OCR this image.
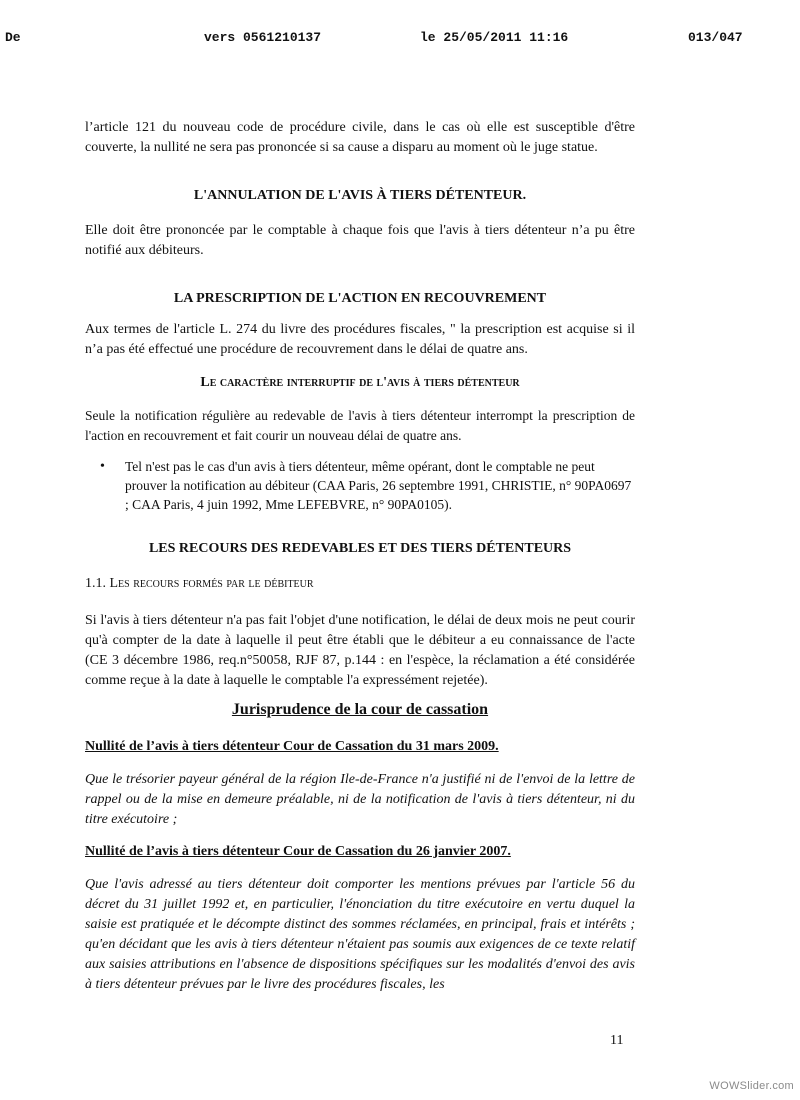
De	vers 0561210137	le 25/05/2011 11:16	013/047

l’article 121 du nouveau code de procédure civile, dans le cas où elle est susceptible d'être couverte, la nullité ne sera pas prononcée si sa cause a disparu au moment où le juge statue.

L'ANNULATION DE L'AVIS À TIERS DÉTENTEUR.

Elle doit être prononcée par le comptable à chaque fois que l'avis à tiers détenteur n’a pu être notifié aux débiteurs.

LA PRESCRIPTION DE L'ACTION EN RECOUVREMENT

Aux termes de l'article L. 274 du livre des procédures fiscales, " la prescription est acquise si il n’a pas été effectué une procédure de recouvrement dans le délai de quatre ans.

Le caractère interruptif de l'avis à tiers détenteur

Seule la notification régulière au redevable de l'avis à tiers détenteur interrompt la prescription de l'action en recouvrement et fait courir un nouveau délai de quatre ans.

• Tel n'est pas le cas d'un avis à tiers détenteur, même opérant, dont le comptable ne peut prouver la notification au débiteur (CAA Paris, 26 septembre 1991, CHRISTIE, n° 90PA0697 ; CAA Paris, 4 juin 1992, Mme LEFEBVRE, n° 90PA0105).
LES RECOURS DES REDEVABLES ET DES TIERS DÉTENTEURS

1.1. Les recours formés par le débiteur

Si l'avis à tiers détenteur n'a pas fait l'objet d'une notification, le délai de deux mois ne peut courir qu'à compter de la date à laquelle il peut être établi que le débiteur a eu connaissance de l'acte (CE 3 décembre 1986, req.n°50058, RJF 87, p.144 : en l'espèce, la réclamation a été considérée comme reçue à la date à laquelle le comptable l'a expressément rejetée).

Jurisprudence de la cour de cassation

Nullité de l’avis à tiers détenteur Cour de Cassation du 31 mars 2009.

Que le trésorier payeur général de la région Ile-de-France n'a justifié ni de l'envoi de la lettre de rappel ou de la mise en demeure préalable, ni de la notification de l'avis à tiers détenteur, ni du titre exécutoire ;

Nullité de l’avis à tiers détenteur Cour de Cassation du 26 janvier 2007.

Que l'avis adressé au tiers détenteur doit comporter les mentions prévues par l'article 56 du décret du 31 juillet 1992 et, en particulier, l'énonciation du titre exécutoire en vertu duquel la saisie est pratiquée et le décompte distinct des sommes réclamées, en principal, frais et intérêts ; qu'en décidant que les avis à tiers détenteur n'étaient pas soumis aux exigences de ce texte relatif aux saisies attributions en l'absence de dispositions spécifiques sur les modalités d'envoi des avis à tiers détenteur prévues par le livre des procédures fiscales, les

11
WOWSlider.com
